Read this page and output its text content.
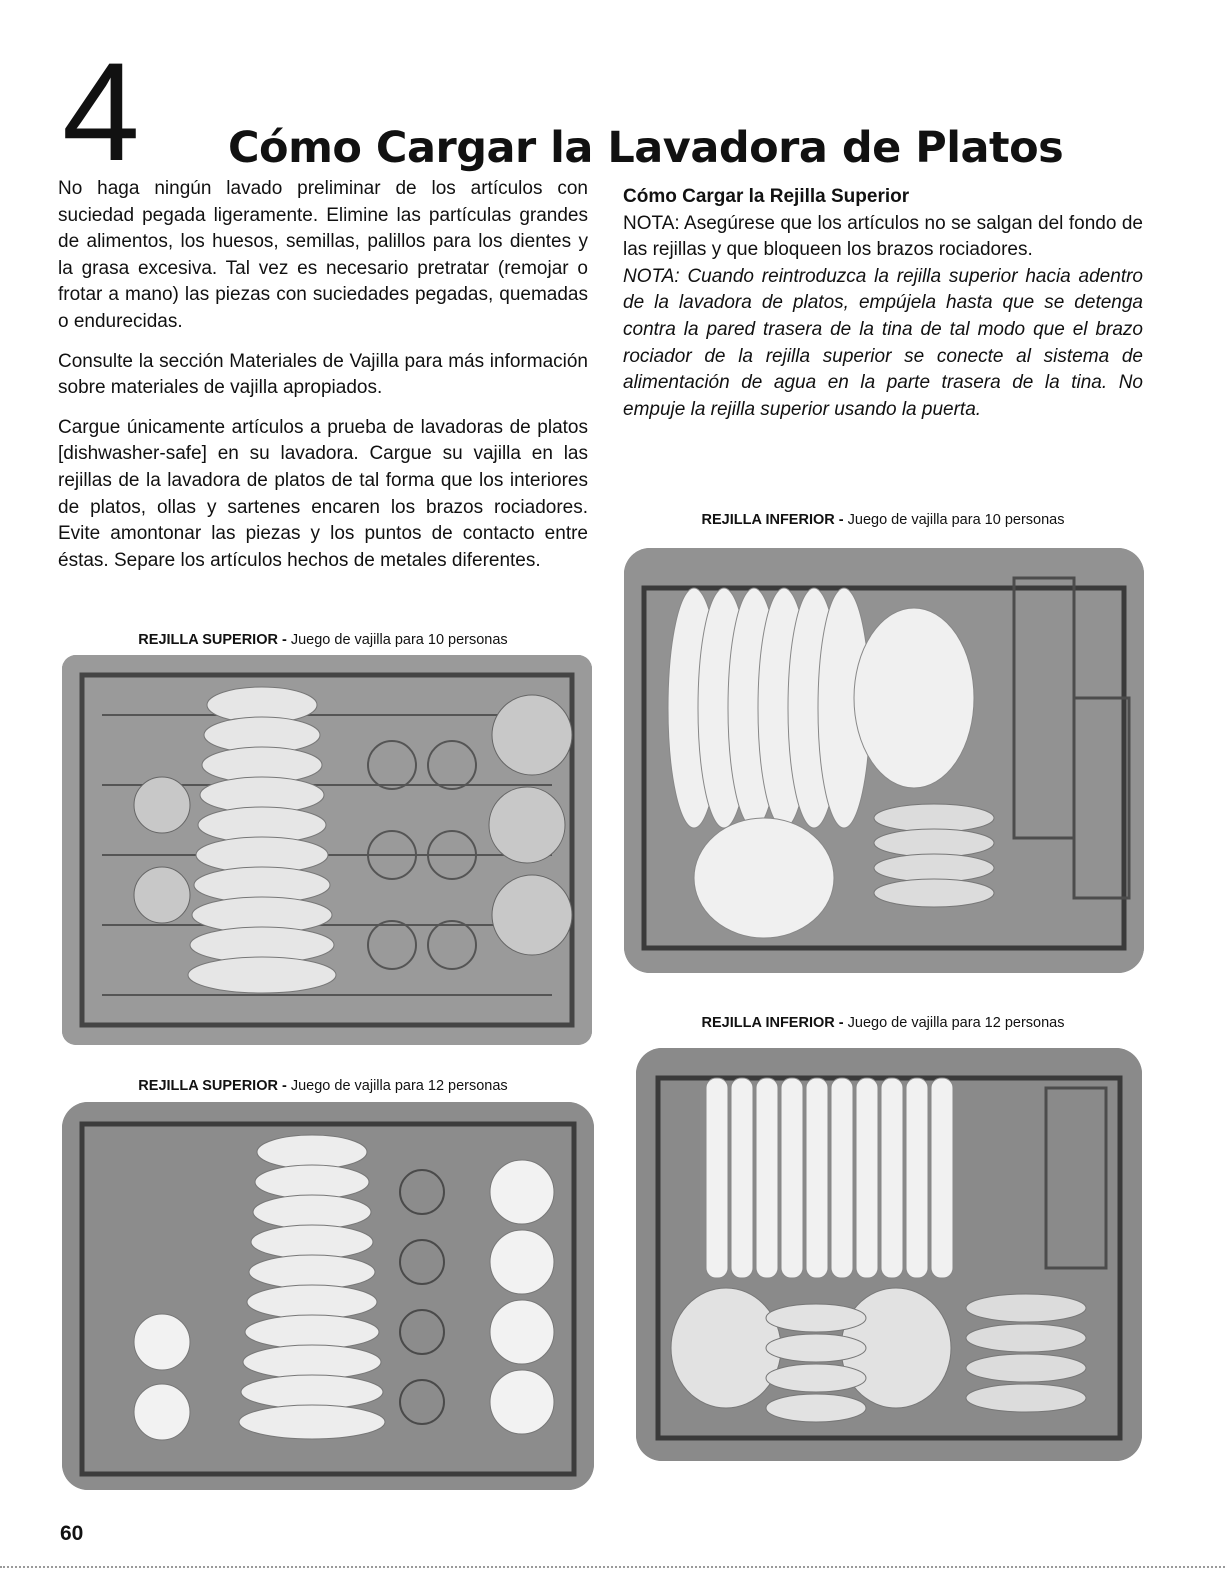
4 Cómo Cargar la Lavadora de Platos

No haga ningún lavado preliminar de los artículos con suciedad pegada ligeramente. Elimine las partículas grandes de alimentos, los huesos, semillas, palillos para los dientes y la grasa excesiva. Tal vez es necesario pretratar (remojar o frotar a mano) las piezas con suciedades pegadas, quemadas o endurecidas.

Consulte la sección Materiales de Vajilla para más información sobre materiales de vajilla apropiados.

Cargue únicamente artículos a prueba de lavadoras de platos [dishwasher-safe] en su lavadora. Cargue su vajilla en las rejillas de la lavadora de platos de tal forma que los interiores de platos, ollas y sartenes encaren los brazos rociadores. Evite amontonar las piezas y los puntos de contacto entre éstas. Separe los artículos hechos de metales diferentes.

Cómo Cargar la Rejilla Superior

NOTA: Asegúrese que los artículos no se salgan del fondo de las rejillas y que bloqueen los brazos rociadores.

NOTA: Cuando reintroduzca la rejilla superior hacia adentro de la lavadora de platos, empújela hasta que se detenga contra la pared trasera de la tina de tal modo que el brazo rociador de la rejilla superior se conecte al sistema de alimentación de agua en la parte trasera de la tina. No empuje la rejilla superior usando la puerta.

REJILLA SUPERIOR - Juego de vajilla para 10 personas
REJILLA SUPERIOR - Juego de vajilla para 12 personas
REJILLA INFERIOR - Juego de vajilla para 10 personas
REJILLA INFERIOR - Juego de vajilla para 12 personas
60
